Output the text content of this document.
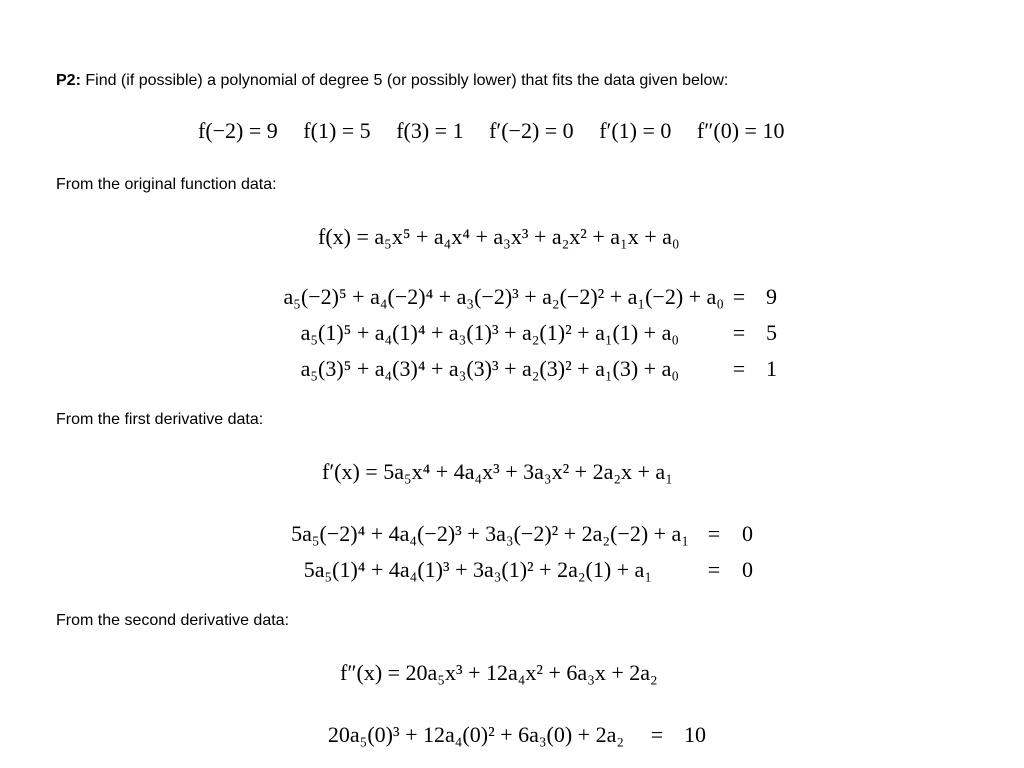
P2: Find (if possible) a polynomial of degree 5 (or possibly lower) that fits the data given below:
f(−2) = 9 f(1) = 5 f(3) = 1 f′(−2) = 0 f′(1) = 0 f″(0) = 10
From the original function data:
f(x) = a₅x⁵ + a₄x⁴ + a₃x³ + a₂x² + a₁x + a₀
a₅(−2)⁵ + a₄(−2)⁴ + a₃(−2)³ + a₂(−2)² + a₁(−2) + a₀ = 9
a₅(1)⁵ + a₄(1)⁴ + a₃(1)³ + a₂(1)² + a₁(1) + a₀ = 5
a₅(3)⁵ + a₄(3)⁴ + a₃(3)³ + a₂(3)² + a₁(3) + a₀ = 1
From the first derivative data:
f′(x) = 5a₅x⁴ + 4a₄x³ + 3a₃x² + 2a₂x + a₁
5a₅(−2)⁴ + 4a₄(−2)³ + 3a₃(−2)² + 2a₂(−2) + a₁ = 0
5a₅(1)⁴ + 4a₄(1)³ + 3a₃(1)² + 2a₂(1) + a₁	= 0
From the second derivative data:
f″(x) = 20a₅x³ + 12a₄x² + 6a₃x + 2a₂
20a₅(0)³ + 12a₄(0)² + 6a₃(0) + 2a₂ = 10
